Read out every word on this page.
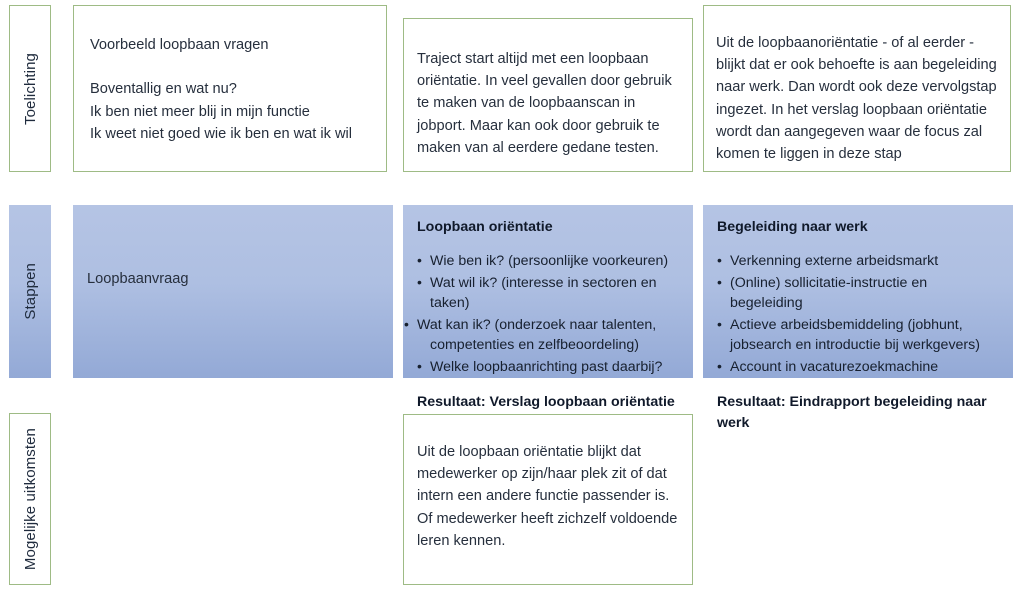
Toelichting

Voorbeeld loopbaan vragen

Boventallig en wat nu?

Ik ben niet meer blij in mijn functie

Ik weet niet goed wie ik ben en wat ik wil

Traject start altijd met een loopbaan oriëntatie. In veel gevallen door gebruik te maken van de loopbaanscan in jobport. Maar kan ook door gebruik te maken van al eerdere gedane testen.
Uit de loopbaanoriëntatie - of al eerder - blijkt dat er ook behoefte is aan begeleiding naar werk. Dan wordt ook deze vervolgstap ingezet. In het verslag loopbaan oriëntatie wordt dan aangegeven waar de focus zal komen te liggen in deze stap
Stappen	Loopbaanvraag

Loopbaan oriëntatie

• Wie ben ik? (persoonlijke voorkeuren)
• Wat wil ik? (interesse in sectoren en taken)
• Wat kan ik? (onderzoek naar talenten, competenties en zelfbeoordeling)
• Welke loopbaanrichting past daarbij?

Resultaat: Verslag loopbaan oriëntatie

Begeleiding naar werk

• Verkenning externe arbeidsmarkt
• (Online) sollicitatie-instructie en begeleiding
• Actieve arbeidsbemiddeling (jobhunt, jobsearch en introductie bij werkgevers)
• Account in vacaturezoekmachine

Resultaat: Eindrapport begeleiding naar werk

Mogelijke uitkomsten	Uit de loopbaan oriëntatie blijkt dat medewerker op zijn/haar plek zit of dat intern een andere functie passender is. Of medewerker heeft zichzelf voldoende leren kennen.
